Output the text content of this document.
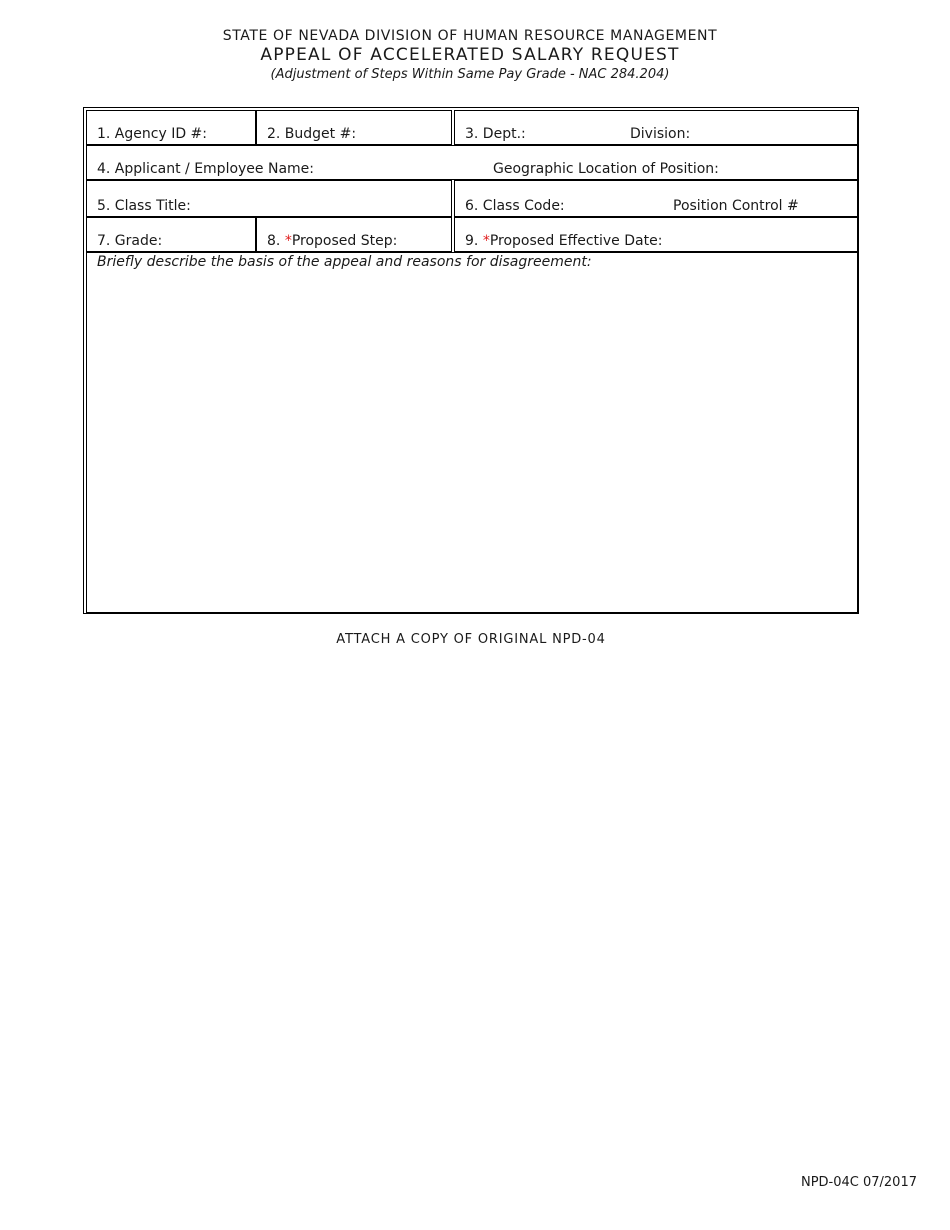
STATE OF NEVADA DIVISION OF HUMAN RESOURCE MANAGEMENT
APPEAL OF ACCELERATED SALARY REQUEST
(Adjustment of Steps Within Same Pay Grade - NAC 284.204)
1. Agency ID #:	2. Budget #:	3. Dept.:	Division:
4. Applicant / Employee Name:	Geographic Location of Position:
5. Class Title:	6. Class Code:	Position Control #
7. Grade:	8. *Proposed Step:	9. *Proposed Effective Date:
Briefly describe the basis of the appeal and reasons for disagreement:
ATTACH A COPY OF ORIGINAL NPD-04
NPD-04C 07/2017
